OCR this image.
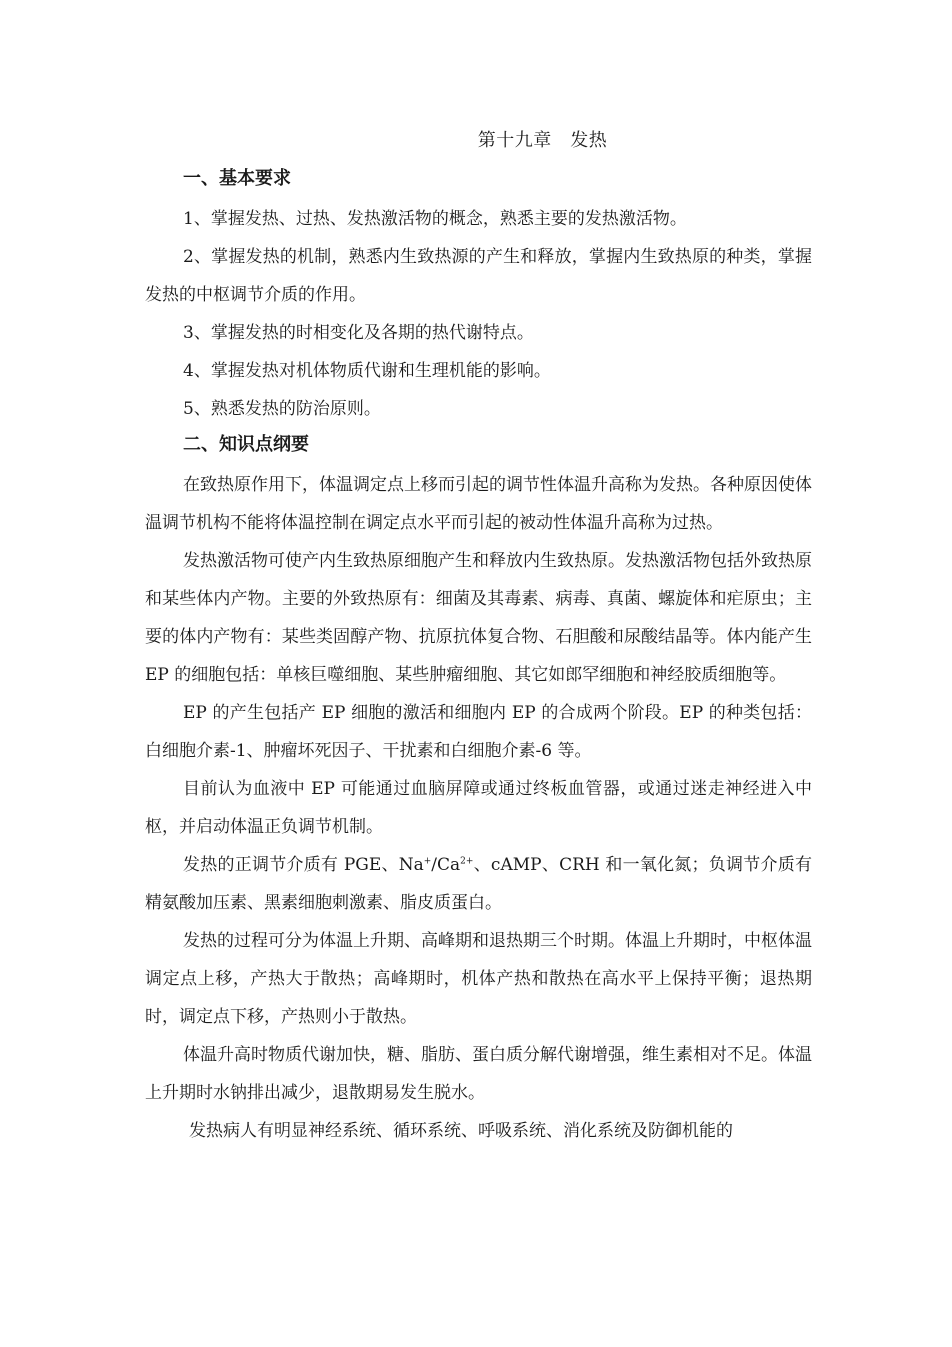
第十九章　发热
一、基本要求

1、掌握发热、过热、发热激活物的概念，熟悉主要的发热激活物。

2、掌握发热的机制，熟悉内生致热源的产生和释放，掌握内生致热原的种类，掌握发热的中枢调节介质的作用。

3、掌握发热的时相变化及各期的热代谢特点。

4、掌握发热对机体物质代谢和生理机能的影响。

5、熟悉发热的防治原则。

二、知识点纲要

在致热原作用下，体温调定点上移而引起的调节性体温升高称为发热。各种原因使体温调节机构不能将体温控制在调定点水平而引起的被动性体温升高称为过热。

发热激活物可使产内生致热原细胞产生和释放内生致热原。发热激活物包括外致热原和某些体内产物。主要的外致热原有：细菌及其毒素、病毒、真菌、螺旋体和疟原虫；主要的体内产物有：某些类固醇产物、抗原抗体复合物、石胆酸和尿酸结晶等。体内能产生 EP 的细胞包括：单核巨噬细胞、某些肿瘤细胞、其它如郎罕细胞和神经胶质细胞等。

EP 的产生包括产 EP 细胞的激活和细胞内 EP 的合成两个阶段。EP 的种类包括：白细胞介素-1、肿瘤坏死因子、干扰素和白细胞介素-6 等。

目前认为血液中 EP 可能通过血脑屏障或通过终板血管器，或通过迷走神经进入中枢，并启动体温正负调节机制。

发热的正调节介质有 PGE、$Na^+/Ca^{2+}$、cAMP、CRH 和一氧化氮；负调节介质有精氨酸加压素、黑素细胞刺激素、脂皮质蛋白。

发热的过程可分为体温上升期、高峰期和退热期三个时期。体温上升期时，中枢体温调定点上移，产热大于散热；高峰期时，机体产热和散热在高水平上保持平衡；退热期时，调定点下移，产热则小于散热。

体温升高时物质代谢加快，糖、脂肪、蛋白质分解代谢增强，维生素相对不足。体温上升期时水钠排出减少，退散期易发生脱水。

发热病人有明显神经系统、循环系统、呼吸系统、消化系统及防御机能的
